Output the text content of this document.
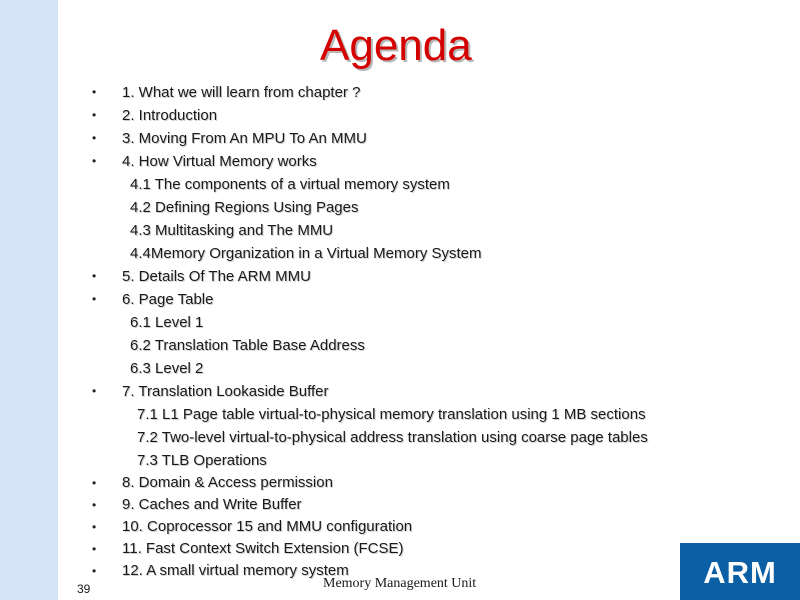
Agenda
• 1. What we will learn from chapter ?
• 2. Introduction
• 3. Moving From An MPU To An MMU
• 4. How Virtual Memory works
4.1 The components of a virtual memory system
4.2 Defining Regions Using Pages
4.3 Multitasking and The MMU
4.4Memory Organization in a Virtual Memory System
• 5. Details Of The ARM MMU
• 6. Page Table
6.1 Level 1
6.2 Translation Table Base Address
6.3 Level 2
• 7. Translation Lookaside Buffer
7.1 L1 Page table virtual-to-physical memory translation using 1 MB sections
7.2 Two-level virtual-to-physical address translation using coarse page tables
7.3 TLB Operations
• 8. Domain & Access permission
• 9. Caches and Write Buffer
• 10. Coprocessor 15 and MMU configuration
• 11. Fast Context Switch Extension (FCSE)
• 12. A small virtual memory system
39	Memory Management Unit	ARM
